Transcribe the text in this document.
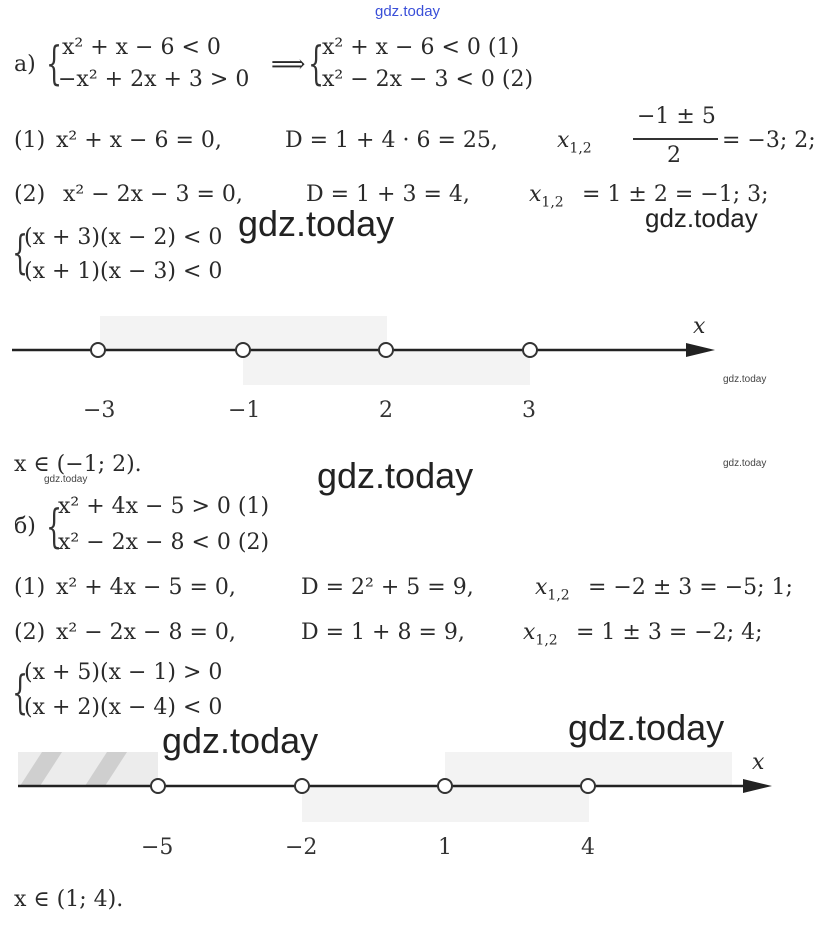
gdz.today
а) { x² + x − 6 < 0
−x² + 2x + 3 > 0
⟹ {
x² + x − 6 < 0 (1)
x² − 2x − 3 < 0 (2)
(1) x² + x − 6 = 0,	D = 1 + 4 · 6 = 25,	$x_{1,2}$
−1 ± 5
2
= −3; 2;
(2) x² − 2x − 3 = 0,	D = 1 + 3 = 4,	$x_{1,2} = 1 \pm 2 = -1$; 3;
gdz.today	gdz.today
{
(x + 3)(x − 2) < 0
(x + 1)(x − 3) < 0
x
−3	−1	2	3
gdz.today
x ∈ (−1; 2).
gdz.today	gdz.today	gdz.today
б) {
x² + 4x − 5 > 0 (1)
x² − 2x − 8 < 0 (2)
(1) x² + 4x − 5 = 0,	D = 2² + 5 = 9,	$x_{1,2} = -2 \pm 3 = -5$; 1;
(2) x² − 2x − 8 = 0,	D = 1 + 8 = 9,	$x_{1,2} = 1 \pm 3 = -2$; 4;
{
(x + 5)(x − 1) > 0
(x + 2)(x − 4) < 0
gdz.today	gdz.today
x
−5	−2	1	4
x ∈ (1; 4).
